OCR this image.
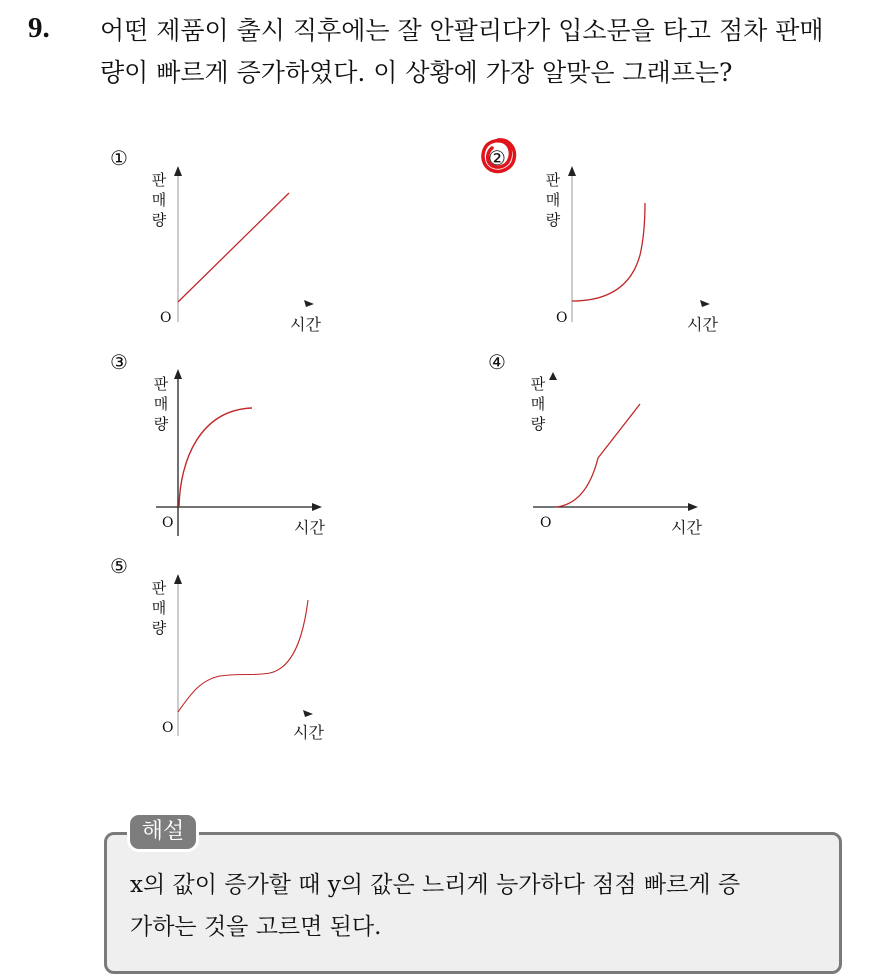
9. 어떤 제품이 출시 직후에는 잘 안팔리다가 입소문을 타고 점차 판매
량이 빠르게 증가하였다. 이 상황에 가장 알맞은 그래프는?
①
판
매
량
O	시간
②
판
매
량
O	시간
③
판
매
량
O	시간
④
판
매
량
O	시간
⑤
판
매
량
O	시간
해설
x의 값이 증가할 때 y의 값은 느리게 능가하다 점점 빠르게 증
가하는 것을 고르면 된다.
